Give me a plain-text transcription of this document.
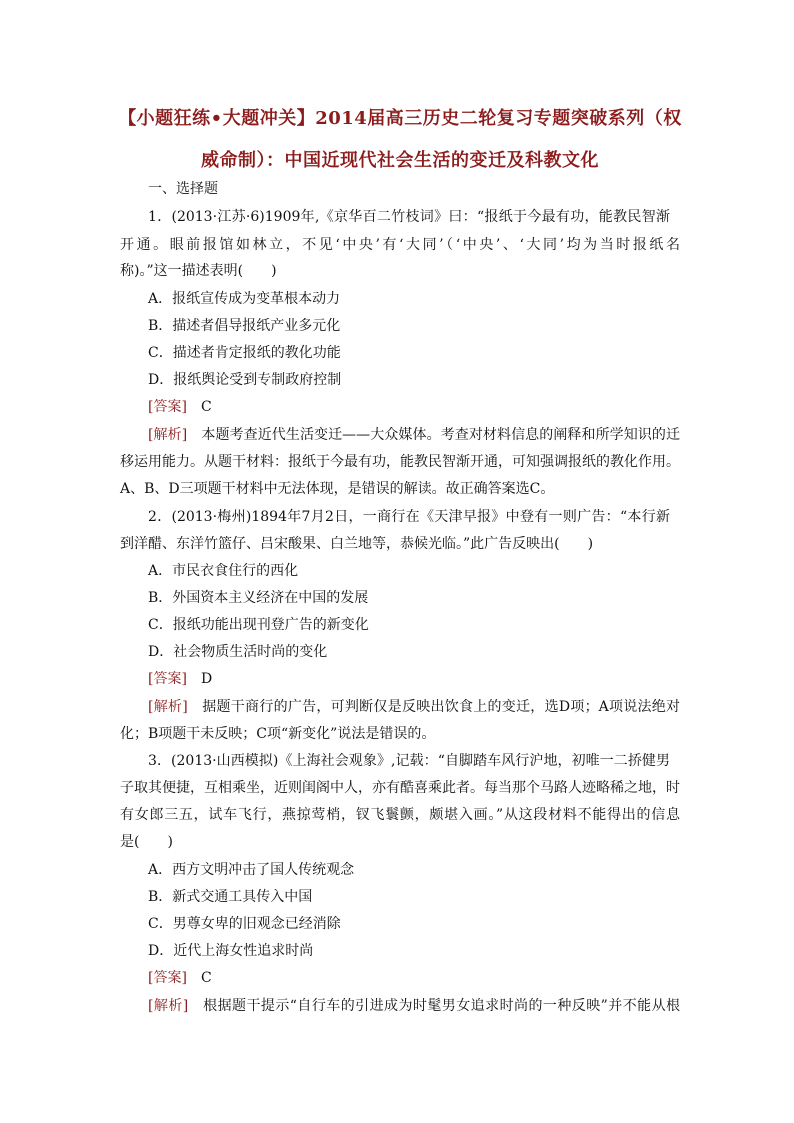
【小题狂练•大题冲关】2014届高三历史二轮复习专题突破系列（权
威命制）：中国近现代社会生活的变迁及科教文化
一、选择题
1．(2013·江苏·6)1909年,《京华百二竹枝词》曰：“报纸于今最有功，能教民智渐
开通。眼前报馆如林立，不见‘中央’有‘大同’（‘中央’、‘大同’均为当时报纸名
称)。”这一描述表明(　　)
A．报纸宣传成为变革根本动力
B．描述者倡导报纸产业多元化
C．描述者肯定报纸的教化功能
D．报纸舆论受到专制政府控制
[ 答案 ]　 C
[ 解析 ]　 本题考查近代生活变迁——大众媒体。考查对材料信息的阐释和所学知识的迁
移运用能力。从题干材料：报纸于今最有功，能教民智渐开通，可知强调报纸的教化作用。
A、B、D三项题干材料中无法体现，是错误的解读。故正确答案选C。
2．(2013·梅州)1894年7月2日，一商行在《天津早报》中登有一则广告：“本行新
到洋醋、东洋竹篮仔、吕宋酸果、白兰地等，恭候光临。”此广告反映出(　　)
A．市民衣食住行的西化
B．外国资本主义经济在中国的发展
C．报纸功能出现刊登广告的新变化
D．社会物质生活时尚的变化
[ 答案 ]　 D
[ 解析 ]　 据题干商行的广告，可判断仅是反映出饮食上的变迁，选D项；A项说法绝对
化；B项题干未反映；C项“新变化”说法是错误的。
3．(2013·山西模拟)《上海社会观象》,记载：“自脚踏车风行沪地，初唯一二挢健男
子取其便捷，互相乘坐，近则闺阁中人，亦有酷喜乘此者。每当那个马路人迹略稀之地，时
有女郎三五，试车飞行，燕掠莺梢，钗飞鬟颤，颇堪入画。”从这段材料不能得出的信息
是(　　)
A．西方文明冲击了国人传统观念
B．新式交通工具传入中国
C．男尊女卑的旧观念已经消除
D．近代上海女性追求时尚
[ 答案 ]　 C
[ 解析 ]　 根据题干提示“自行车的引进成为时髦男女追求时尚的一种反映”并不能从根
